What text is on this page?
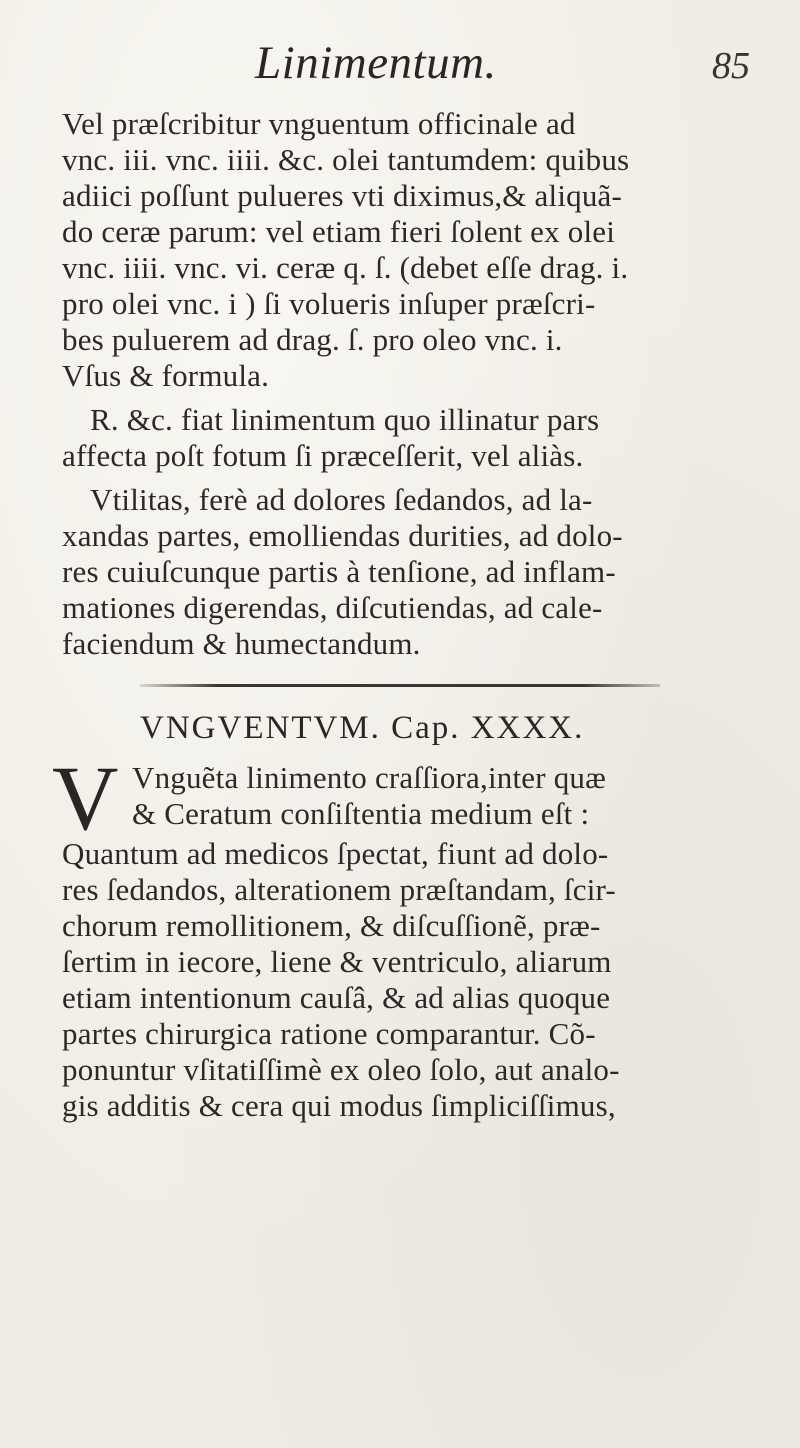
Linimentum.	85
Vel præſcribitur vnguentum officinale ad
vnc. iii. vnc. iiii. &c. olei tantumdem: quibus
adiici poſſunt pulueres vti diximus,& aliquã-
do ceræ parum: vel etiam fieri ſolent ex olei
vnc. iiii. vnc. vi. ceræ q. ſ. (debet eſſe drag. i.
pro olei vnc. i ) ſi volueris inſuper præſcri-
bes puluerem ad drag. ſ. pro oleo vnc. i.
Vſus & formula.
R. &c. fiat linimentum quo illinatur pars
affecta poſt fotum ſi præceſſerit, vel aliàs.
Vtilitas, ferè ad dolores ſedandos, ad la-
xandas partes, emolliendas durities, ad dolo-
res cuiuſcunque partis à tenſione, ad inflam-
mationes digerendas, diſcutiendas, ad cale-
faciendum & humectandum.
VNGVENTVM. Cap. XXXX.
V Vnguẽta linimento craſſiora,inter quæ
& Ceratum conſiſtentia medium eſt :
Quantum ad medicos ſpectat, fiunt ad dolo-
res ſedandos, alterationem præſtandam, ſcir-
chorum remollitionem, & diſcuſſionẽ, præ-
ſertim in iecore, liene & ventriculo, aliarum
etiam intentionum cauſâ, & ad alias quoque
partes chirurgica ratione comparantur. Cõ-
ponuntur vſitatiſſimè ex oleo ſolo, aut analo-
gis additis & cera qui modus ſimpliciſſimus,
